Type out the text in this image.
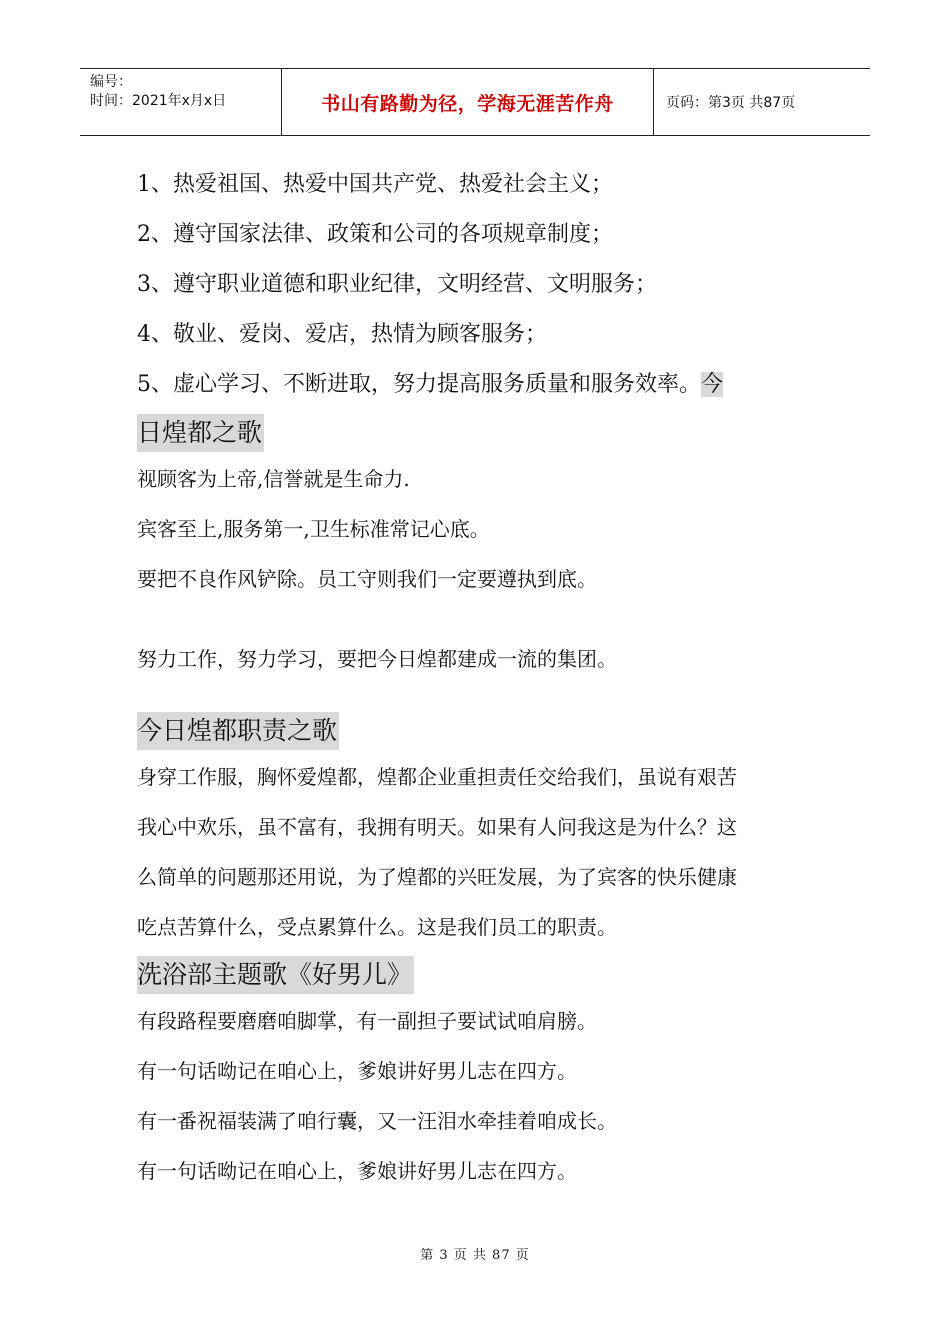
编号：
时间：2021年x月x日	书山有路勤为径，学海无涯苦作舟	页码：第3页 共87页
1、热爱祖国、热爱中国共产党、热爱社会主义；
2、遵守国家法律、政策和公司的各项规章制度；
3、遵守职业道德和职业纪律，文明经营、文明服务；
4、敬业、爱岗、爱店，热情为顾客服务；
5、虚心学习、不断进取，努力提高服务质量和服务效率。今
日煌都之歌
视顾客为上帝,信誉就是生命力.
宾客至上,服务第一,卫生标准常记心底。
要把不良作风铲除。员工守则我们一定要遵执到底。
努力工作，努力学习，要把今日煌都建成一流的集团。
今日煌都职责之歌
身穿工作服，胸怀爱煌都，煌都企业重担责任交给我们，虽说有艰苦
我心中欢乐，虽不富有，我拥有明天。如果有人问我这是为什么？这
么简单的问题那还用说，为了煌都的兴旺发展，为了宾客的快乐健康
吃点苦算什么，受点累算什么。这是我们员工的职责。
洗浴部主题歌《好男儿》
有段路程要磨磨咱脚掌，有一副担子要试试咱肩膀。
有一句话呦记在咱心上，爹娘讲好男儿志在四方。
有一番祝福装满了咱行囊，又一汪泪水牵挂着咱成长。
有一句话呦记在咱心上，爹娘讲好男儿志在四方。
第 3 页 共 87 页
